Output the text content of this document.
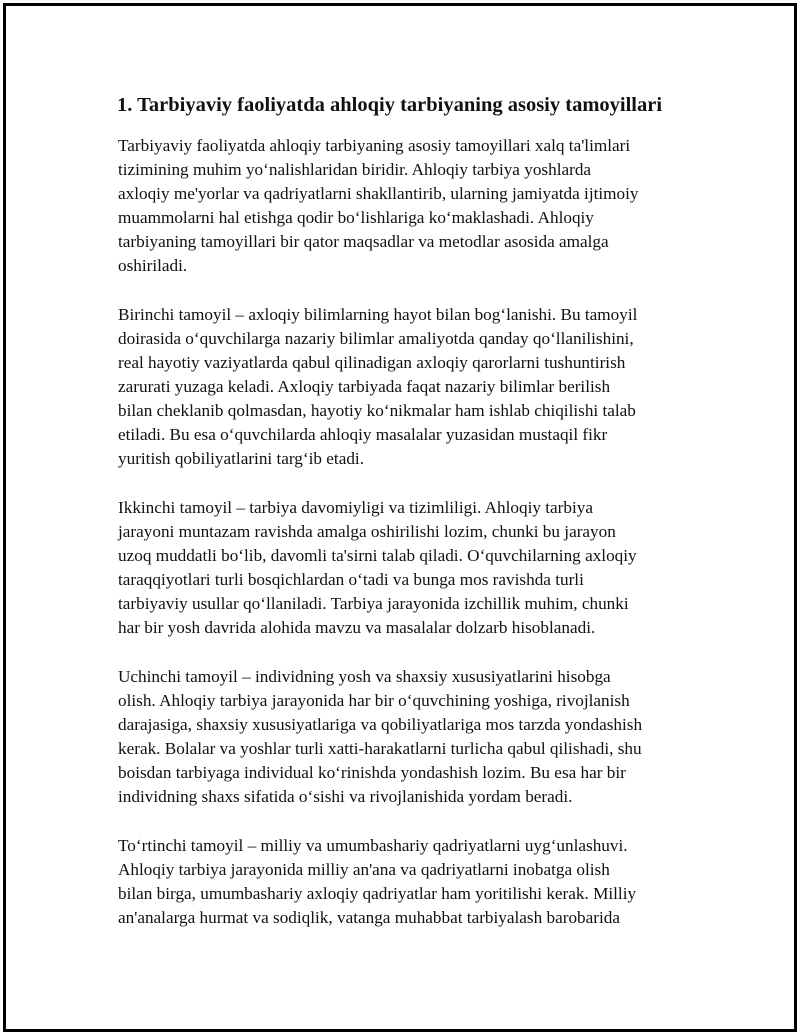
1. Tarbiyaviy faoliyatda ahloqiy tarbiyaning asosiy tamoyillari

Tarbiyaviy faoliyatda ahloqiy tarbiyaning asosiy tamoyillari xalq ta'limlari
tizimining muhim yo‘nalishlaridan biridir. Ahloqiy tarbiya yoshlarda
axloqiy me'yorlar va qadriyatlarni shakllantirib, ularning jamiyatda ijtimoiy
muammolarni hal etishga qodir bo‘lishlariga ko‘maklashadi. Ahloqiy
tarbiyaning tamoyillari bir qator maqsadlar va metodlar asosida amalga
oshiriladi.

Birinchi tamoyil – axloqiy bilimlarning hayot bilan bog‘lanishi. Bu tamoyil
doirasida o‘quvchilarga nazariy bilimlar amaliyotda qanday qo‘llanilishini,
real hayotiy vaziyatlarda qabul qilinadigan axloqiy qarorlarni tushuntirish
zarurati yuzaga keladi. Axloqiy tarbiyada faqat nazariy bilimlar berilish
bilan cheklanib qolmasdan, hayotiy ko‘nikmalar ham ishlab chiqilishi talab
etiladi. Bu esa o‘quvchilarda ahloqiy masalalar yuzasidan mustaqil fikr
yuritish qobiliyatlarini targ‘ib etadi.

Ikkinchi tamoyil – tarbiya davomiyligi va tizimliligi. Ahloqiy tarbiya
jarayoni muntazam ravishda amalga oshirilishi lozim, chunki bu jarayon
uzoq muddatli bo‘lib, davomli ta'sirni talab qiladi. O‘quvchilarning axloqiy
taraqqiyotlari turli bosqichlardan o‘tadi va bunga mos ravishda turli
tarbiyaviy usullar qo‘llaniladi. Tarbiya jarayonida izchillik muhim, chunki
har bir yosh davrida alohida mavzu va masalalar dolzarb hisoblanadi.

Uchinchi tamoyil – individning yosh va shaxsiy xususiyatlarini hisobga
olish. Ahloqiy tarbiya jarayonida har bir o‘quvchining yoshiga, rivojlanish
darajasiga, shaxsiy xususiyatlariga va qobiliyatlariga mos tarzda yondashish
kerak. Bolalar va yoshlar turli xatti-harakatlarni turlicha qabul qilishadi, shu
boisdan tarbiyaga individual ko‘rinishda yondashish lozim. Bu esa har bir
individning shaxs sifatida o‘sishi va rivojlanishida yordam beradi.

To‘rtinchi tamoyil – milliy va umumbashariy qadriyatlarni uyg‘unlashuvi.
Ahloqiy tarbiya jarayonida milliy an'ana va qadriyatlarni inobatga olish
bilan birga, umumbashariy axloqiy qadriyatlar ham yoritilishi kerak. Milliy
an'analarga hurmat va sodiqlik, vatanga muhabbat tarbiyalash barobarida
